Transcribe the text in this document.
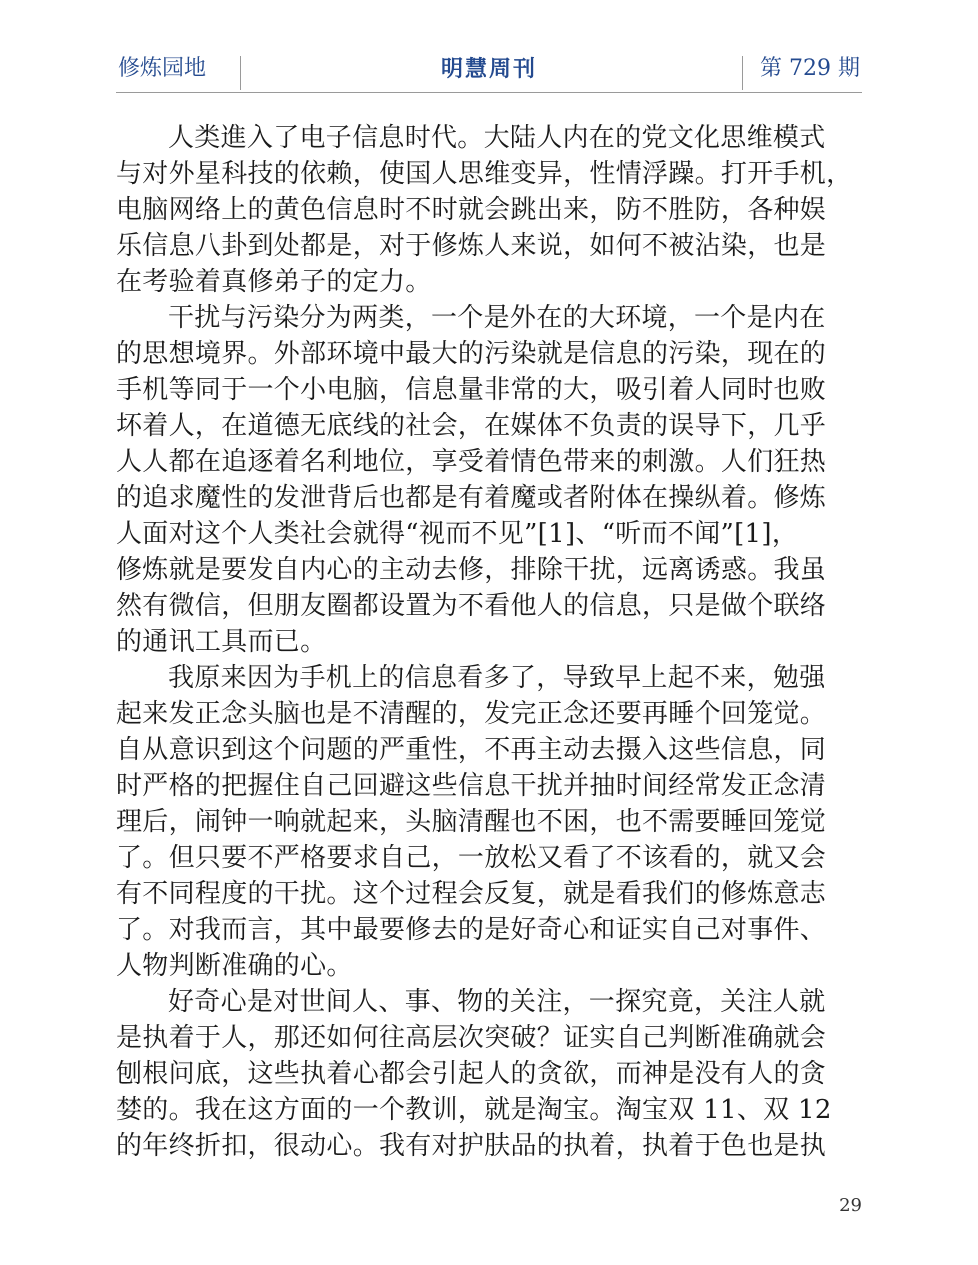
修炼园地	明慧周刊	第 729 期

人类進入了电子信息时代。大陆人内在的党文化思维模式
与对外星科技的依赖，使国人思维变异，性情浮躁。打开手机，
电脑网络上的黄色信息时不时就会跳出来，防不胜防，各种娱
乐信息八卦到处都是，对于修炼人来说，如何不被沾染，也是
在考验着真修弟子的定力。

干扰与污染分为两类，一个是外在的大环境，一个是内在
的思想境界。外部环境中最大的污染就是信息的污染，现在的
手机等同于一个小电脑，信息量非常的大，吸引着人同时也败
坏着人，在道德无底线的社会，在媒体不负责的误导下，几乎
人人都在追逐着名利地位，享受着情色带来的刺激。人们狂热
的追求魔性的发泄背后也都是有着魔或者附体在操纵着。修炼
人面对这个人类社会就得“视而不见”[1]、“听而不闻”[1]，
修炼就是要发自内心的主动去修，排除干扰，远离诱惑。我虽
然有微信，但朋友圈都设置为不看他人的信息，只是做个联络
的通讯工具而已。

我原来因为手机上的信息看多了，导致早上起不来，勉强
起来发正念头脑也是不清醒的，发完正念还要再睡个回笼觉。
自从意识到这个问题的严重性，不再主动去摄入这些信息，同
时严格的把握住自己回避这些信息干扰并抽时间经常发正念清
理后，闹钟一响就起来，头脑清醒也不困，也不需要睡回笼觉
了。但只要不严格要求自己，一放松又看了不该看的，就又会
有不同程度的干扰。这个过程会反复，就是看我们的修炼意志
了。对我而言，其中最要修去的是好奇心和证实自己对事件、
人物判断准确的心。

好奇心是对世间人、事、物的关注，一探究竟，关注人就
是执着于人，那还如何往高层次突破？证实自己判断准确就会
刨根问底，这些执着心都会引起人的贪欲，而神是没有人的贪
婪的。我在这方面的一个教训，就是淘宝。淘宝双 11、双 12
的年终折扣，很动心。我有对护肤品的执着，执着于色也是执

29
